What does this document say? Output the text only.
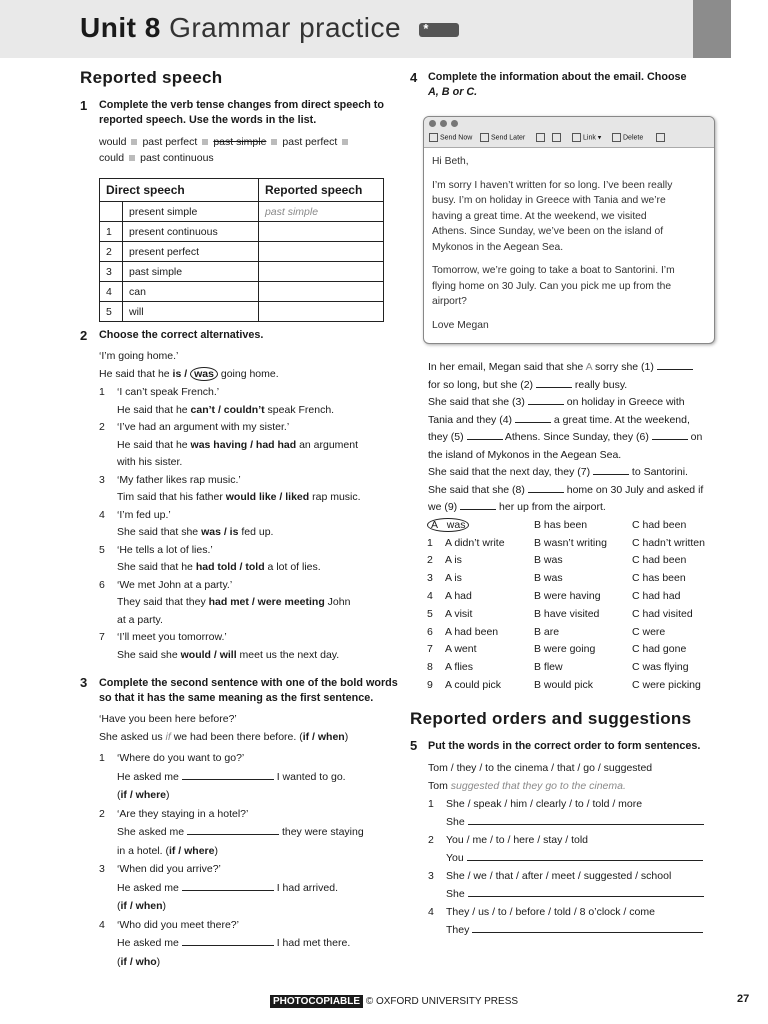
Unit 8 Grammar practice *
Reported speech
1 Complete the verb tense changes from direct speech to
reported speech. Use the words in the list.
would past perfect past simple past perfect
could past continuous
Direct speech		Reported speech
	present simple	past simple
1	present continuous	
2	present perfect	
3	past simple	
4	can	
5	will	
2 Choose the correct alternatives.
‘I’m going home.’
He said that he is / was going home.
1 ‘I can’t speak French.’
He said that he can’t / couldn’t speak French.
2 ‘I’ve had an argument with my sister.’
He said that he was having / had had an argument
with his sister.
3 ‘My father likes rap music.’
Tim said that his father would like / liked rap music.
4 ‘I’m fed up.’
She said that she was / is fed up.
5 ‘He tells a lot of lies.’
She said that he had told / told a lot of lies.
6 ‘We met John at a party.’
They said that they had met / were meeting John
at a party.
7 ‘I’ll meet you tomorrow.’
She said she would / will meet us the next day.
3 Complete the second sentence with one of the bold words
so that it has the same meaning as the first sentence.
‘Have you been here before?’
She asked us if we had been there before. (if / when)
1 ‘Where do you want to go?’
He asked me	I wanted to go.
(if / where)
2 ‘Are they staying in a hotel?’
She asked me	they were staying
in a hotel. (if / where)
3 ‘When did you arrive?’
He asked me	I had arrived.
(if / when)
4 ‘Who did you meet there?’
He asked me	I had met there.
(if / who)
4 Complete the information about the email. Choose
A, B or C.
Send Now	Send Later	Link ▾	Delete

Hi Beth,

I’m sorry I haven’t written for so long. I’ve been really
busy. I’m on holiday in Greece with Tania and we’re
having a great time. At the weekend, we visited
Athens. Since Sunday, we’ve been on the island of
Mykonos in the Aegean Sea.

Tomorrow, we’re going to take a boat to Santorini. I’m
flying home on 30 July. Can you pick me up from the
airport?

Love Megan

In her email, Megan said that she A sorry she (1)
for so long, but she (2)	really busy.
She said that she (3)	on holiday in Greece with
Tania and they (4)	a great time. At the weekend,
they (5)	Athens. Since Sunday, they (6)	on
the island of Mykonos in the Aegean Sea.
She said that the next day, they (7)	to Santorini.
She said that she (8)	home on 30 July and asked if
we (9)	her up from the airport.
A was	B has been	C had been
1 A didn’t write	B wasn’t writing	C hadn’t written
2 A is	B was	C had been
3 A is	B was	C has been
4 A had	B were having	C had had
5 A visit	B have visited	C had visited
6 A had been	B are	C were
7 A went	B were going	C had gone
8 A flies	B flew	C was flying
9 A could pick	B would pick	C were picking
Reported orders and suggestions
5 Put the words in the correct order to form sentences.
Tom / they / to the cinema / that / go / suggested
Tom suggested that they go to the cinema.
1 She / speak / him / clearly / to / told / more
She
2 You / me / to / here / stay / told
You
3 She / we / that / after / meet / suggested / school
She
4 They / us / to / before / told / 8 o’clock / come
They
PHOTOCOPIABLE © OXFORD UNIVERSITY PRESS	27
